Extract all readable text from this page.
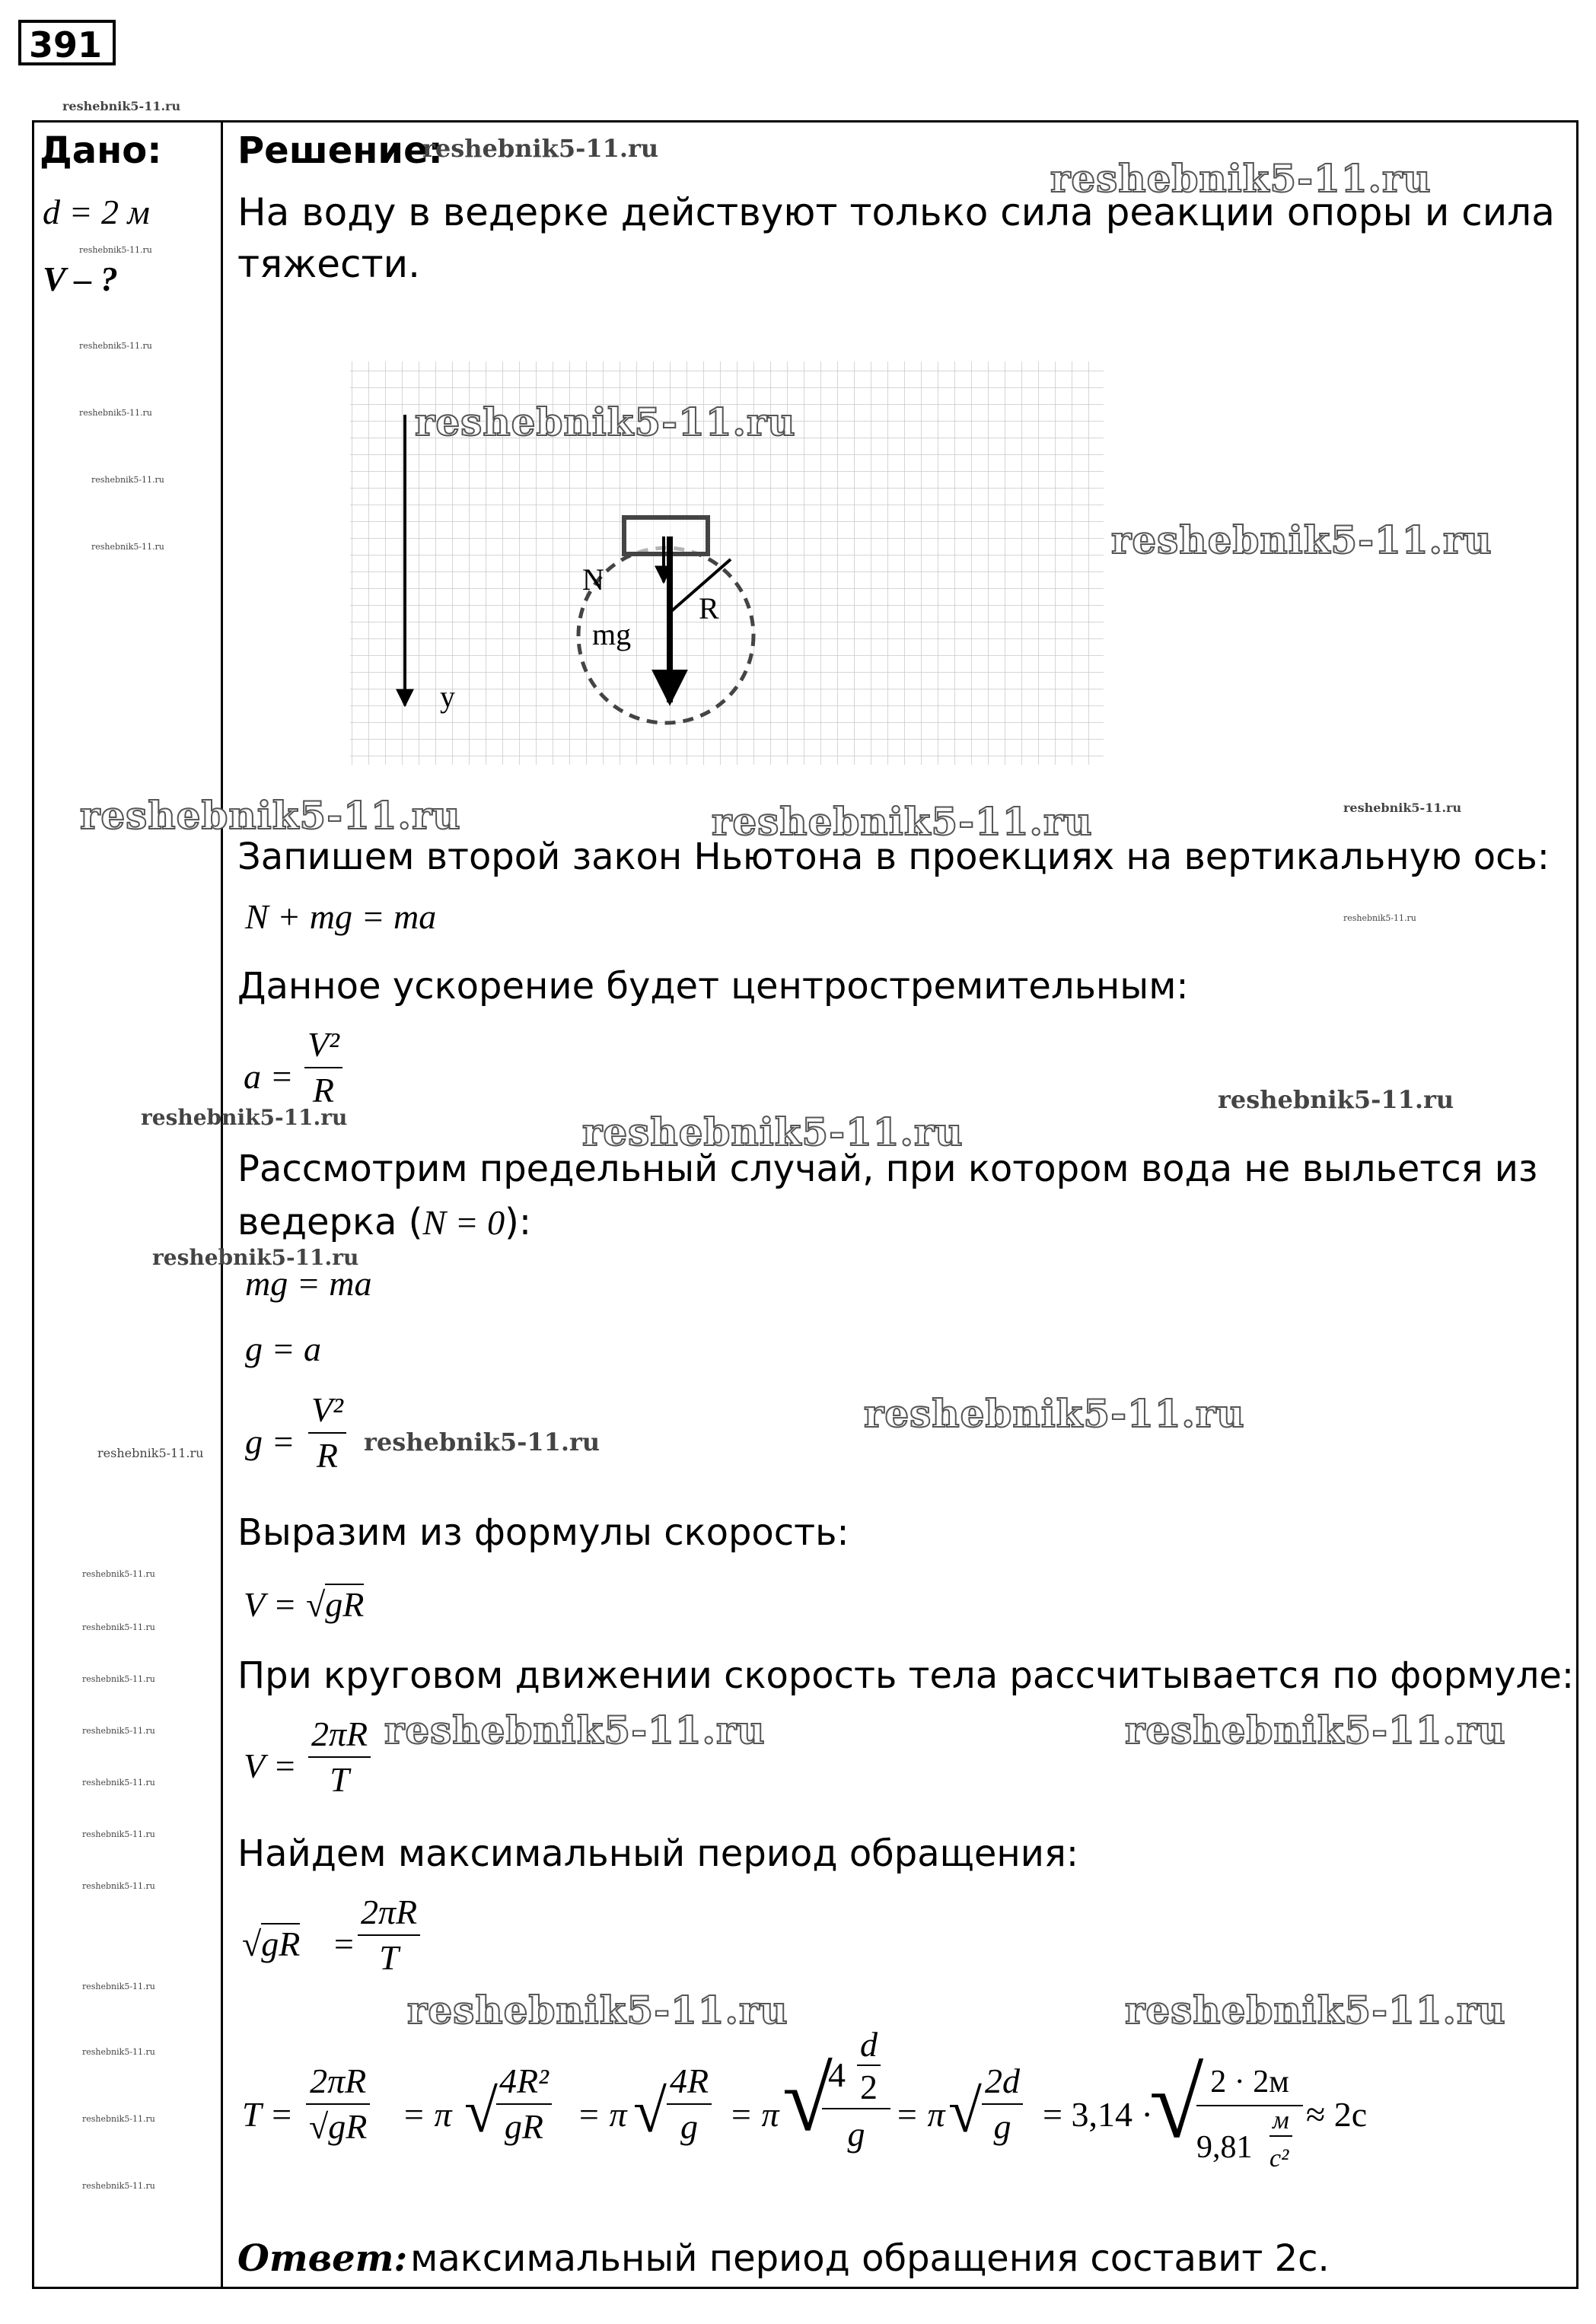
391
Дано:
d = 2 м
V – ?
Решение:
На воду в ведерке действуют только сила реакции опоры и сила
тяжести.
N
mg
R
y
Запишем второй закон Ньютона в проекциях на вертикальную ось:
N + mg = ma
Данное ускорение будет центростремительным:
$a = \frac{\text{V²}}{R}$
Рассмотрим предельный случай, при котором вода не выльется из
ведерка (N = 0):
mg = ma
g = a
$g = \frac{\text{V²}}{R}$
Выразим из формулы скорость:
V = √gR
При круговом движении скорость тела рассчитывается по формуле:
$V = \frac{2\pi R}{T}$
Найдем максимальный период обращения:
$√gR = \frac{2\pi R}{T}$
$T = \frac{2\pi R}{√gR} = \pi$ √
$\frac{\text{4R²}}{gR} = \pi$ √ $\frac{4R}{g} = \pi$ √
4
d
2
g = π √ $\frac{2d}{g} = 3,14$ ·
√ 2 · 2м
9,81
м
с²
≈ 2с
Ответ: максимальный период обращения составит 2с.
reshebnik5-11.ru
reshebnik5-11.ru
reshebnik5-11.ru
reshebnik5-11.ru	reshebnik5-11.ru
reshebnik5-11.ru
reshebnik5-11.ru
reshebnik5-11.ru	reshebnik5-11.ru
reshebnik5-11.ru	reshebnik5-11.ru
reshebnik5-11.ru
reshebnik5-11.ru
reshebnik5-11.ru
reshebnik5-11.ru
reshebnik5-11.ru
reshebnik5-11.ru
reshebnik5-11.ru
reshebnik5-11.ru
reshebnik5-11.ru
reshebnik5-11.ru
reshebnik5-11.ru
reshebnik5-11.ru
reshebnik5-11.ru
reshebnik5-11.ru
reshebnik5-11.ru
reshebnik5-11.ru
reshebnik5-11.ru
reshebnik5-11.ru
reshebnik5-11.ru
reshebnik5-11.ru
reshebnik5-11.ru
reshebnik5-11.ru
reshebnik5-11.ru
reshebnik5-11.ru
reshebnik5-11.ru
